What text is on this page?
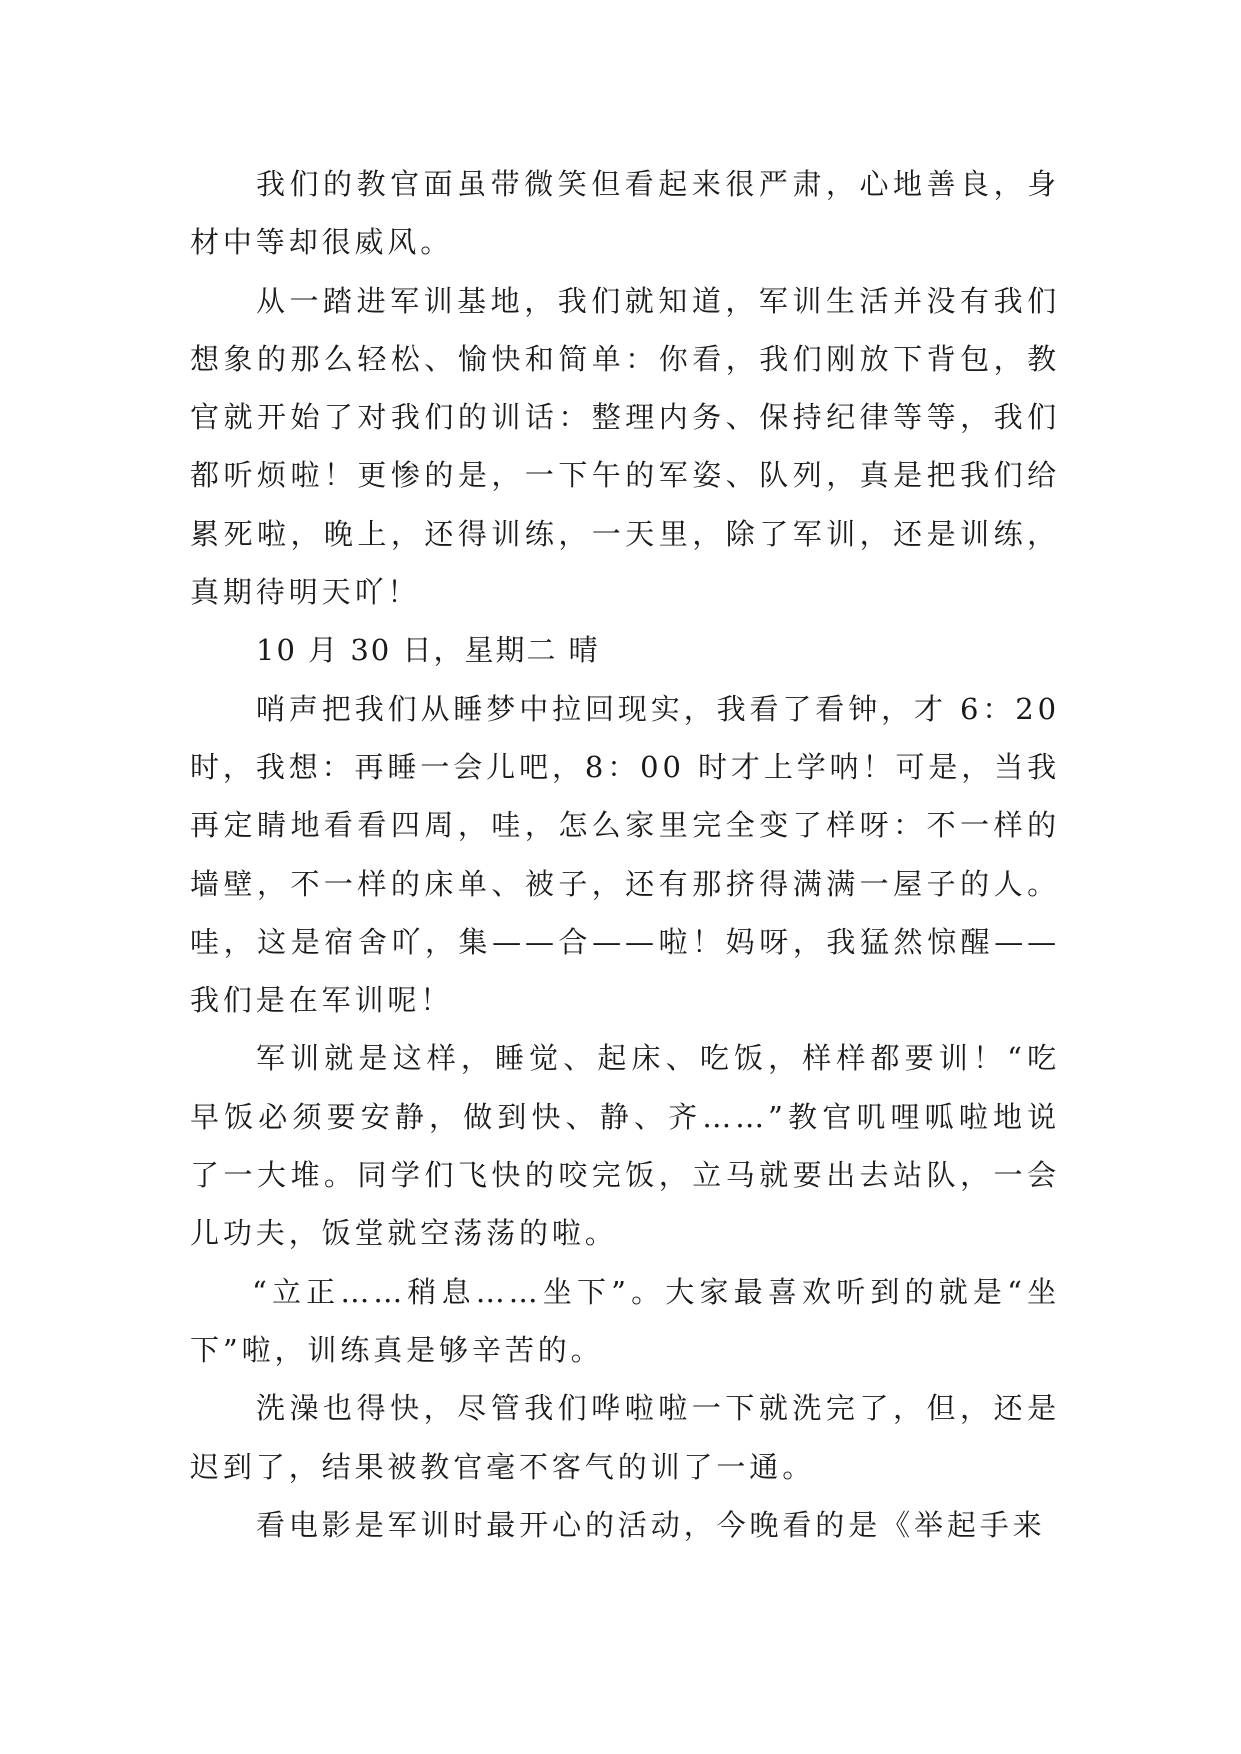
我们的教官面虽带微笑但看起来很严肃，心地善良，身材中等却很威风。

从一踏进军训基地，我们就知道，军训生活并没有我们想象的那么轻松、愉快和简单：你看，我们刚放下背包，教官就开始了对我们的训话：整理内务、保持纪律等等，我们都听烦啦！更惨的是，一下午的军姿、队列，真是把我们给累死啦，晚上，还得训练，一天里，除了军训，还是训练，真期待明天吖！

10 月 30 日，星期二 晴

哨声把我们从睡梦中拉回现实，我看了看钟，才 6：20 时，我想：再睡一会儿吧，8：00 时才上学呐！可是，当我再定睛地看看四周，哇，怎么家里完全变了样呀：不一样的墙壁，不一样的床单、被子，还有那挤得满满一屋子的人。哇，这是宿舍吖，集——合——啦！妈呀，我猛然惊醒——我们是在军训呢！

军训就是这样，睡觉、起床、吃饭，样样都要训！“吃早饭必须要安静，做到快、静、齐……”教官叽哩呱啦地说了一大堆。同学们飞快的咬完饭，立马就要出去站队，一会儿功夫，饭堂就空荡荡的啦。

“立正……稍息……坐下”。大家最喜欢听到的就是“坐下”啦，训练真是够辛苦的。

洗澡也得快，尽管我们哗啦啦一下就洗完了，但，还是迟到了，结果被教官毫不客气的训了一通。

看电影是军训时最开心的活动，今晚看的是《举起手来
